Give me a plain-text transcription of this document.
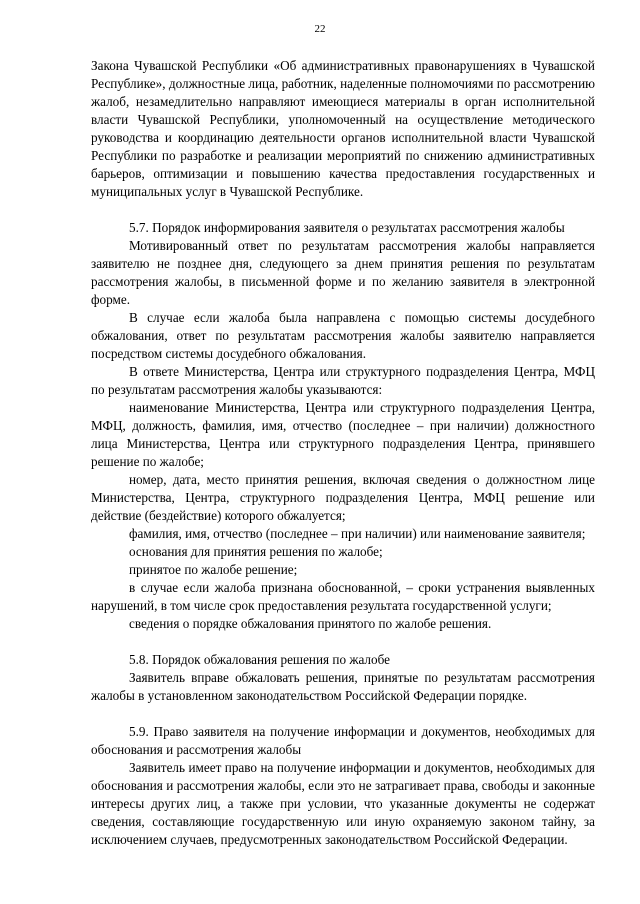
22

Закона Чувашской Республики «Об административных правонарушениях в Чувашской Республике», должностные лица, работник, наделенные полномочиями по рассмотрению жалоб, незамедлительно направляют имеющиеся материалы в орган исполнительной власти Чувашской Республики, уполномоченный на осуществление методического руководства и координацию деятельности органов исполнительной власти Чувашской Республики по разработке и реализации мероприятий по снижению административных барьеров, оптимизации и повышению качества предоставления государственных и муниципальных услуг в Чувашской Республике.

5.7. Порядок информирования заявителя о результатах рассмотрения жалобы

Мотивированный ответ по результатам рассмотрения жалобы направляется заявителю не позднее дня, следующего за днем принятия решения по результатам рассмотрения жалобы, в письменной форме и по желанию заявителя в электронной форме.

В случае если жалоба была направлена с помощью системы досудебного обжалования, ответ по результатам рассмотрения жалобы заявителю направляется посредством системы досудебного обжалования.

В ответе Министерства, Центра или структурного подразделения Центра, МФЦ по результатам рассмотрения жалобы указываются:

наименование Министерства, Центра или структурного подразделения Центра, МФЦ, должность, фамилия, имя, отчество (последнее – при наличии) должностного лица Министерства, Центра или структурного подразделения Центра, принявшего решение по жалобе;

номер, дата, место принятия решения, включая сведения о должностном лице Министерства, Центра, структурного подразделения Центра, МФЦ решение или действие (бездействие) которого обжалуется;

фамилия, имя, отчество (последнее – при наличии) или наименование заявителя;

основания для принятия решения по жалобе;

принятое по жалобе решение;

в случае если жалоба признана обоснованной, – сроки устранения выявленных нарушений, в том числе срок предоставления результата государственной услуги;

сведения о порядке обжалования принятого по жалобе решения.

5.8. Порядок обжалования решения по жалобе

Заявитель вправе обжаловать решения, принятые по результатам рассмотрения жалобы в установленном законодательством Российской Федерации порядке.

5.9. Право заявителя на получение информации и документов, необходимых для обоснования и рассмотрения жалобы

Заявитель имеет право на получение информации и документов, необходимых для обоснования и рассмотрения жалобы, если это не затрагивает права, свободы и законные интересы других лиц, а также при условии, что указанные документы не содержат сведения, составляющие государственную или иную охраняемую законом тайну, за исключением случаев, предусмотренных законодательством Российской Федерации.
